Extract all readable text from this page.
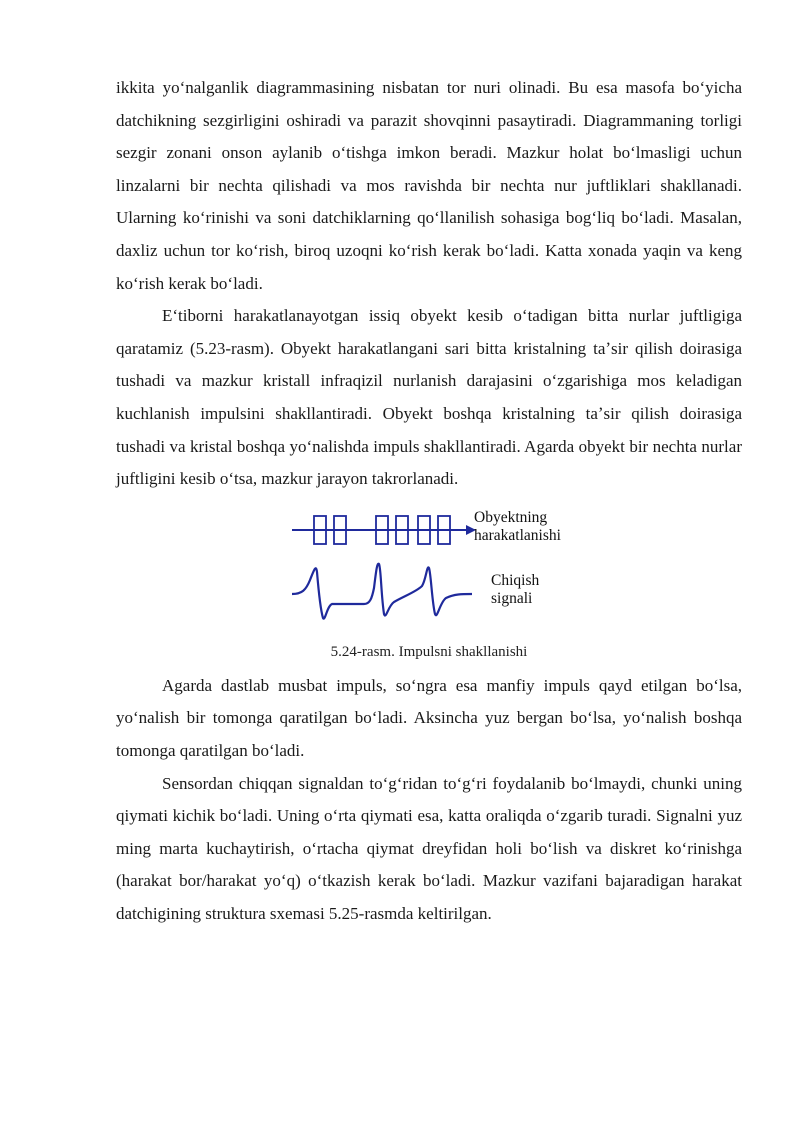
ikkita yoʻnalganlik diagrammasining nisbatan tor nuri olinadi. Bu esa masofa boʻyicha datchikning sezgirligini oshiradi va parazit shovqinni pasaytiradi. Diagrammaning torligi sezgir zonani onson aylanib oʻtishga imkon beradi. Mazkur holat boʻlmasligi uchun linzalarni bir nechta qilishadi va mos ravishda bir nechta nur juftliklari shakllanadi. Ularning koʻrinishi va soni datchiklarning qoʻllanilish sohasiga bogʻliq boʻladi. Masalan, daxliz uchun tor koʻrish, biroq uzoqni koʻrish kerak boʻladi. Katta xonada yaqin va keng koʻrish kerak boʻladi.

Eʻtiborni harakatlanayotgan issiq obyekt kesib oʻtadigan bitta nurlar juftligiga qaratamiz (5.23-rasm). Obyekt harakatlangani sari bitta kristalning taʼsir qilish doirasiga tushadi va mazkur kristall infraqizil nurlanish darajasini oʻzgarishiga mos keladigan kuchlanish impulsini shakllantiradi. Obyekt boshqa kristalning taʼsir qilish doirasiga tushadi va kristal boshqa yoʻnalishda impuls shakllantiradi. Agarda obyekt bir nechta nurlar juftligini kesib oʻtsa, mazkur jarayon takrorlanadi.

Obyektning
harakatlanishi
Chiqish
signali
5.24-rasm. Impulsni shakllanishi

Agarda dastlab musbat impuls, soʻngra esa manfiy impuls qayd etilgan boʻlsa, yoʻnalish bir tomonga qaratilgan boʻladi. Aksincha yuz bergan boʻlsa, yoʻnalish boshqa tomonga qaratilgan boʻladi.

Sensordan chiqqan signaldan toʻgʻridan toʻgʻri foydalanib boʻlmaydi, chunki uning qiymati kichik boʻladi. Uning oʻrta qiymati esa, katta oraliqda oʻzgarib turadi. Signalni yuz ming marta kuchaytirish, oʻrtacha qiymat dreyfidan holi boʻlish va diskret koʻrinishga (harakat bor/harakat yoʻq) oʻtkazish kerak boʻladi. Mazkur vazifani bajaradigan harakat datchigining struktura sxemasi 5.25-rasmda keltirilgan.
